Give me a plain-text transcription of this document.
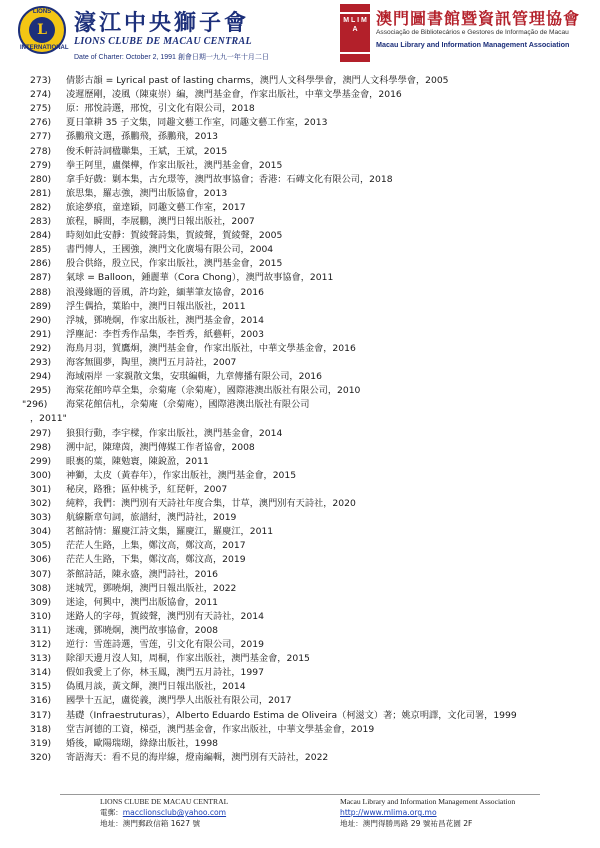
LIONS
L
INTERNATIONAL
濠江中央獅子會
LIONS CLUBE DE MACAU CENTRAL
Date of Charter: October 2, 1991 創會日期一九九一年十月二日
M L I M A
澳門圖書館暨資訊管理協會
Associação de Bibliotecários e Gestores de Informação de Macau
Macau Library and Information Management Association
273)	倩影古韻 = Lyrical past of lasting charms，澳門人文科學學會，澳門人文科學學會，2005
274)	凌遲歷剛，凌風（陳東崇）編，澳門基金會，作家出版社，中華文學基金會，2016
275)	原：邢悅詩選，邢悅，引文化有限公司，2018
276)	夏日筆耕 35 子文集，同趣文藝工作室，同趣文藝工作室，2013
277)	孫鵬飛文選，孫鵬飛，孫鵬飛，2013
278)	俊禾軒詩詞楹聯集，王斌，王斌，2015
279)	拳王阿里，盧傑樺，作家出版社，澳門基金會，2015
280)	拿手好戲：剿本集，古允璟等，澳門故事協會；香港：石磚文化有限公司，2018
281)	旅思集，羅志強，澳門出版協會，2013
282)	旅途夢痕，童達穎，同趣文藝工作室，2017
283)	旅程，瞬間，李展鵬，澳門日報出版社，2007
284)	時刻如此安靜：賀綾聲詩集，賀綾聲，賀綾聲，2005
285)	書門傳人，王國強，澳門文化廣場有限公司，2004
286)	殷合供絡，殷立民，作家出版社，澳門基金會，2015
287)	氣球 = Balloon，鍾麗華（Cora Chong），澳門故事協會，2011
288)	浪漫緣題的晉風，許均銓，緬華筆友協會，2016
289)	浮生偶拾，葉貽中，澳門日報出版社，2011
290)	浮城，鄧曉炯，作家出版社，澳門基金會，2014
291)	浮塵記：李哲秀作品集，李哲秀，紙藝軒，2003
292)	海鳥月羽，賀鷹炯，澳門基金會，作家出版社，中華文學基金會，2016
293)	海客無圓夢，陶里，澳門五月詩社，2007
294)	海域兩岸 一家親散文集，安琪編輯，九章傳播有限公司，2016
295)	海棠花館吟草全集，佘菊庵（佘菊庵），國際港澳出版社有限公司，2010
"296)	海棠花館信札，佘菊庵（佘菊庵），國際港澳出版社有限公司
，2011"
297)	狼狽行動，李宇樑，作家出版社，澳門基金會，2014
298)	溯中記，陳瑋茵，澳門傳媒工作者協會，2008
299)	眼裏的葉，陳勉寰，陳銳盈，2011
300)	神獅，太皮（黃春年），作家出版社，澳門基金會，2015
301)	秘戾，路雅；區仲桃予，紅琵軒，2007
302)	純粹，我們：澳門別有天詩社年度合集，廿草，澳門別有天詩社，2020
303)	航線斷章句詞，旅譜紂，澳門詩社，2019
304)	茗館詩情：羅慶江詩文集，羅慶江，羅慶江，2011
305)	茫茫人生路，上集，鄭汶高，鄭汶高，2017
306)	茫茫人生路，下集，鄭汶高，鄭汶高，2019
307)	茶館詩話，陳永盛，澳門詩社，2016
308)	迷城咒，鄧曉炯，澳門日報出版社，2022
309)	迷途，何興中，澳門出版協會，2011
310)	迷路人的字母，賀綾聲，澳門別有天詩社，2014
311)	迷魂，鄧曉炯，澳門故事協會，2008
312)	逆行：雪莲詩選，雪莲，引文化有限公司，2019
313)	除卻天邊月沒人知，周桐，作家出版社，澳門基金會，2015
314)	假如我愛上了你，林玉鳳，澳門五月詩社，1997
315)	偽風月談，黃文輝，澳門日報出版社，2014
316)	國學十五記，盧從義，澳門學人出版社有限公司，2017
317)	基礎（Infraestruturas），Alberto Eduardo Estima de Oliveira（柯滋文）著；姚京明譯，文化司署，1999
318)	堂吉訶德的工資，梯亞，澳門基金會，作家出版社，中華文學基金會，2019
319)	婚後，歐陽瑞瑚，綠綠出版社，1998
320)	寄語海天：看不見的海岸線，燈南編輯，澳門別有天詩社，2022
LIONS CLUBE DE MACAU CENTRAL
電郵：macclionsclub@yahoo.com
地址：澳門郵政信箱 1627 號
Macau Library and Information Management Association
http://www.mlima.org.mo
地址：澳門得勝馬路 29 號祐昌花園 2F
